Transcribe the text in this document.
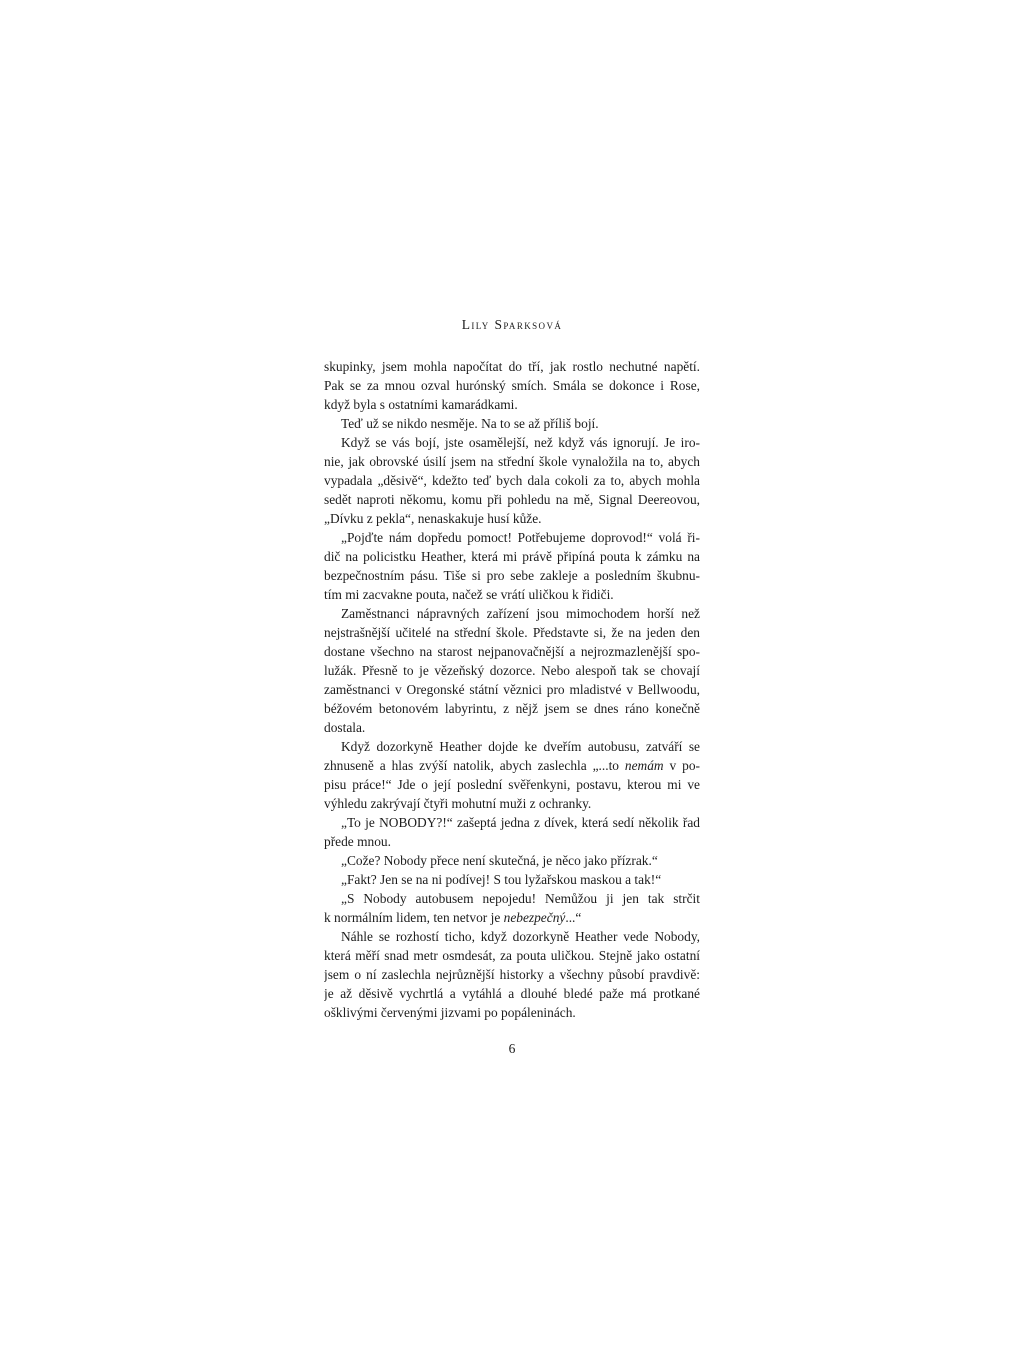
Lily Sparksová
skupinky, jsem mohla napočítat do tří, jak rostlo nechutné napětí.
Pak se za mnou ozval hurónský smích. Smála se dokonce i Rose,
když byla s ostatními kamarádkami.
Teď už se nikdo nesměje. Na to se až příliš bojí.
Když se vás bojí, jste osamělejší, než když vás ignorují. Je iro-
nie, jak obrovské úsilí jsem na střední škole vynaložila na to, abych
vypadala „děsivě“, kdežto teď bych dala cokoli za to, abych mohla
sedět naproti někomu, komu při pohledu na mě, Signal Deereovou,
„Dívku z pekla“, nenaskakuje husí kůže.
„Pojďte nám dopředu pomoct! Potřebujeme doprovod!“ volá ři-
dič na policistku Heather, která mi právě připíná pouta k zámku na
bezpečnostním pásu. Tiše si pro sebe zakleje a posledním škubnu-
tím mi zacvakne pouta, načež se vrátí uličkou k řidiči.
Zaměstnanci nápravných zařízení jsou mimochodem horší než
nejstrašnější učitelé na střední škole. Představte si, že na jeden den
dostane všechno na starost nejpanovačnější a nejrozmazlenější spo-
lužák. Přesně to je vězeňský dozorce. Nebo alespoň tak se chovají
zaměstnanci v Oregonské státní věznici pro mladistvé v Bellwoodu,
béžovém betonovém labyrintu, z nějž jsem se dnes ráno konečně
dostala.
Když dozorkyně Heather dojde ke dveřím autobusu, zatváří se
zhnuseně a hlas zvýší natolik, abych zaslechla „...to nemám v po-
pisu práce!“ Jde o její poslední svěřenkyni, postavu, kterou mi ve
výhledu zakrývají čtyři mohutní muži z ochranky.
„To je NOBODY?!“ zašeptá jedna z dívek, která sedí několik řad
přede mnou.
„Cože? Nobody přece není skutečná, je něco jako přízrak.“
„Fakt? Jen se na ni podívej! S tou lyžařskou maskou a tak!“
„S Nobody autobusem nepojedu! Nemůžou ji jen tak strčit
k normálním lidem, ten netvor je nebezpečný...“
Náhle se rozhostí ticho, když dozorkyně Heather vede Nobody,
která měří snad metr osmdesát, za pouta uličkou. Stejně jako ostatní
jsem o ní zaslechla nejrůznější historky a všechny působí pravdivě:
je až děsivě vychrtlá a vytáhlá a dlouhé bledé paže má protkané
ošklivými červenými jizvami po popáleninách.
6
